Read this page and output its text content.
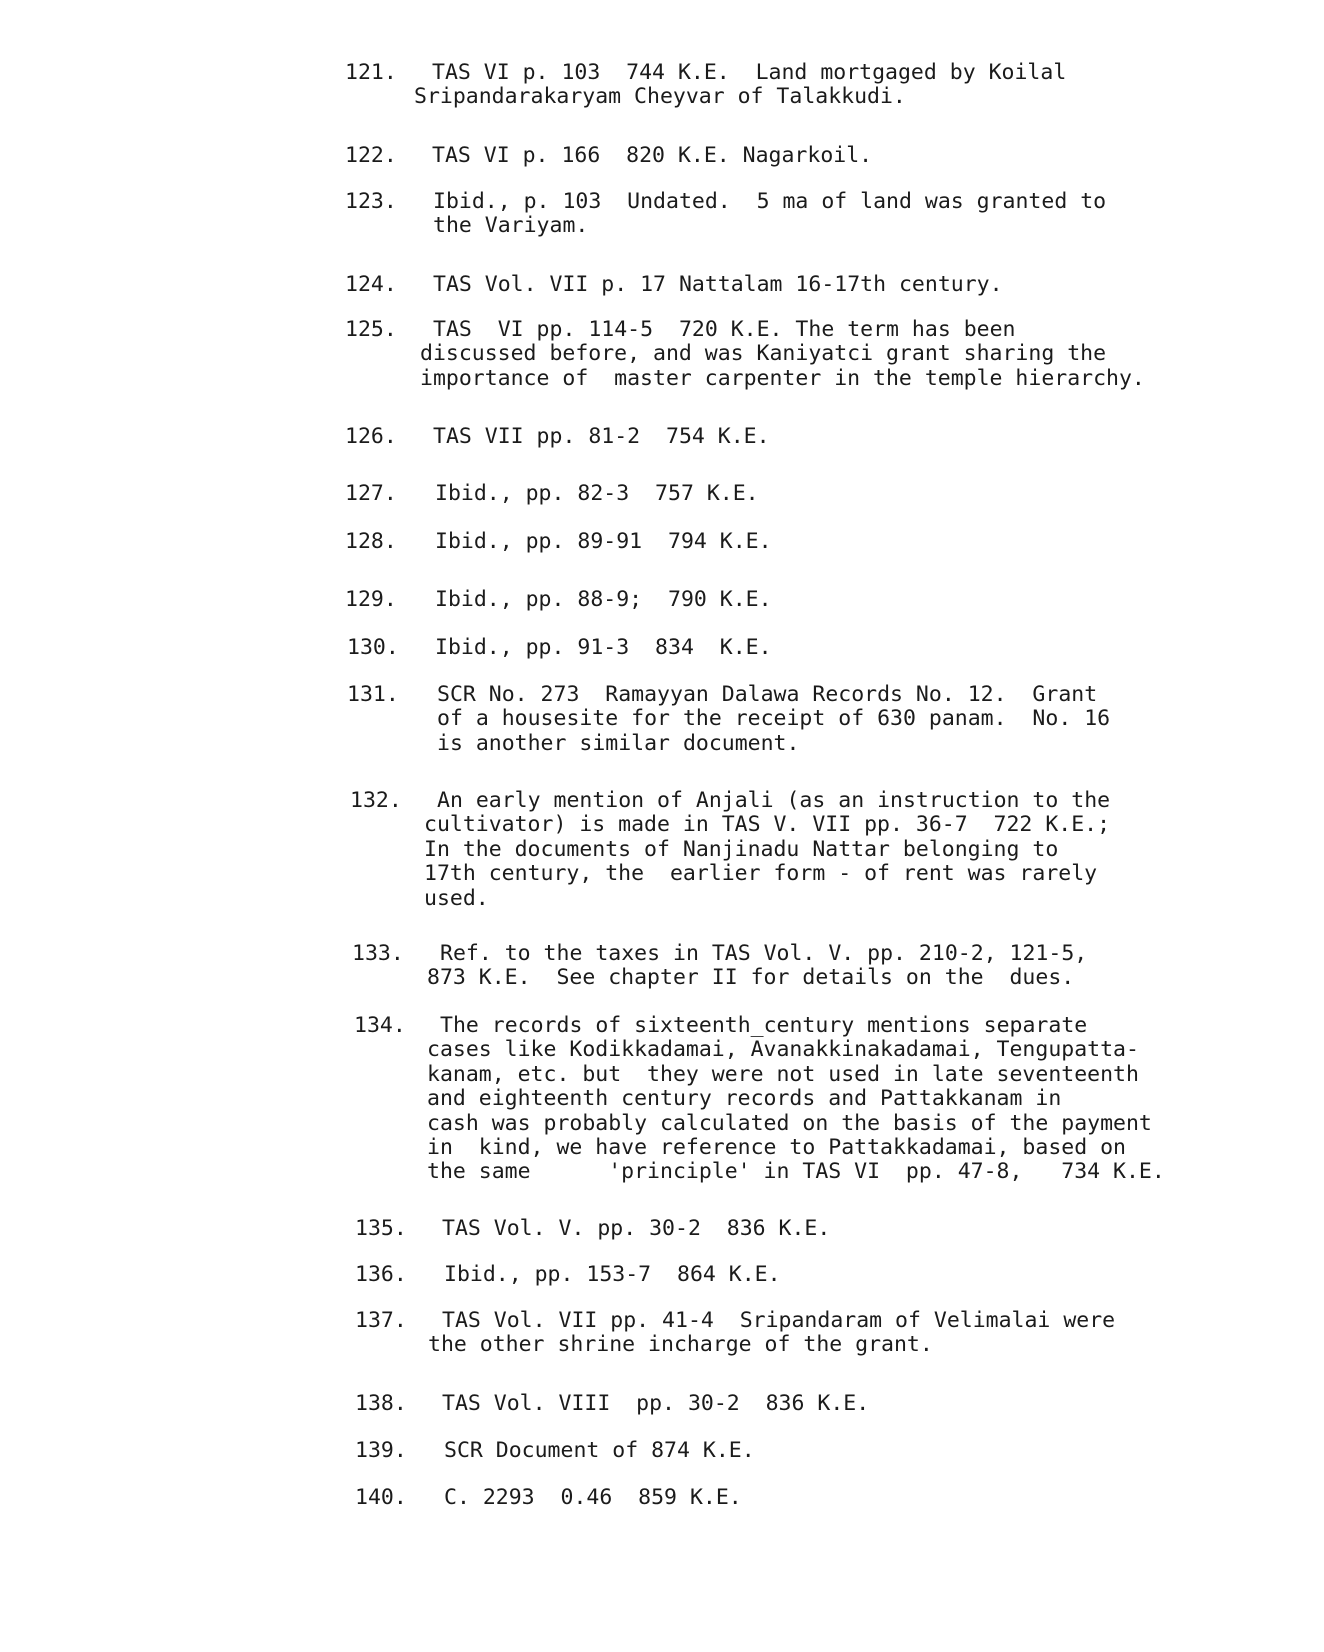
121. TAS VI p. 103  744 K.E.  Land mortgaged by Koilal
Sripandarakaryam Cheyvar of Talakkudi.
122. TAS VI p. 166  820 K.E. Nagarkoil.
123. Ibid., p. 103  Undated.  5 ma of land was granted to
the Variyam.
124. TAS Vol. VII p. 17 Nattalam 16-17th century.
125. TAS  VI pp. 114-5  720 K.E. The term has been
discussed before, and was Kaniyatci grant sharing the
importance of  master carpenter in the temple hierarchy.
126. TAS VII pp. 81-2  754 K.E.
127. Ibid., pp. 82-3  757 K.E.
128. Ibid., pp. 89-91  794 K.E.
129. Ibid., pp. 88-9;  790 K.E.
130. Ibid., pp. 91-3  834  K.E.
131. SCR No. 273  Ramayyan Dalawa Records No. 12.  Grant
of a housesite for the receipt of 630 panam.  No. 16
is another similar document.
132. An early mention of Anjali (as an instruction to the
cultivator) is made in TAS V. VII pp. 36-7  722 K.E.;
In the documents of Nanjinadu Nattar belonging to
17th century, the  earlier form - of rent was rarely
used.
133. Ref. to the taxes in TAS Vol. V. pp. 210-2, 121-5,
873 K.E.  See chapter II for details on the  dues.
134. The records of sixteenth_century mentions separate
cases like Kodikkadamai, Avanakkinakadamai, Tengupatta-
kanam, etc. but  they were not used in late seventeenth
and eighteenth century records and Pattakkanam in
cash was probably calculated on the basis of the payment
in  kind, we have reference to Pattakkadamai, based on
the same      'principle' in TAS VI  pp. 47-8,   734 K.E.
135. TAS Vol. V. pp. 30-2  836 K.E.
136. Ibid., pp. 153-7  864 K.E.
137. TAS Vol. VII pp. 41-4  Sripandaram of Velimalai were
the other shrine incharge of the grant.
138. TAS Vol. VIII  pp. 30-2  836 K.E.
139. SCR Document of 874 K.E.
140. C. 2293  0.46  859 K.E.
